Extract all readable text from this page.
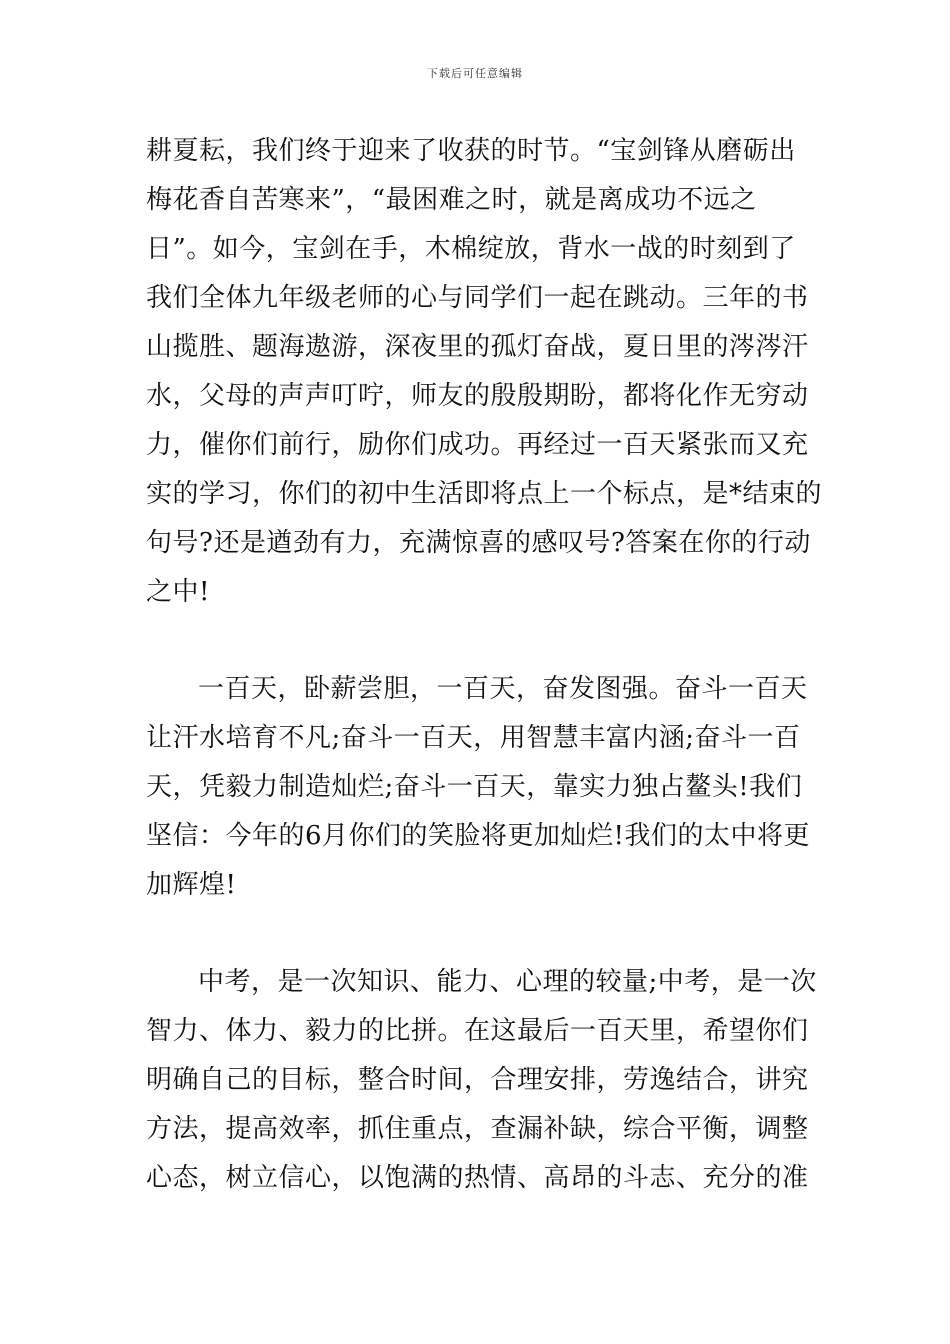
下载后可任意编辑
耕夏耘，我们终于迎来了收获的时节。“宝剑锋从磨砺出
梅花香自苦寒来”，“最困难之时，就是离成功不远之
日”。如今，宝剑在手，木棉绽放，背水一战的时刻到了
我们全体九年级老师的心与同学们一起在跳动。三年的书
山揽胜、题海遨游，深夜里的孤灯奋战，夏日里的涔涔汗
水，父母的声声叮咛，师友的殷殷期盼，都将化作无穷动
力，催你们前行，励你们成功。再经过一百天紧张而又充
实的学习，你们的初中生活即将点上一个标点，是*结束的
句号?还是遒劲有力，充满惊喜的感叹号?答案在你的行动
之中!
一百天，卧薪尝胆，一百天，奋发图强。奋斗一百天
让汗水培育不凡;奋斗一百天，用智慧丰富内涵;奋斗一百
天，凭毅力制造灿烂;奋斗一百天，靠实力独占鳌头!我们
坚信：今年的6月你们的笑脸将更加灿烂!我们的太中将更
加辉煌!
中考，是一次知识、能力、心理的较量;中考，是一次
智力、体力、毅力的比拼。在这最后一百天里，希望你们
明确自己的目标，整合时间，合理安排，劳逸结合，讲究
方法，提高效率，抓住重点，查漏补缺，综合平衡，调整
心态，树立信心，以饱满的热情、高昂的斗志、充分的准
